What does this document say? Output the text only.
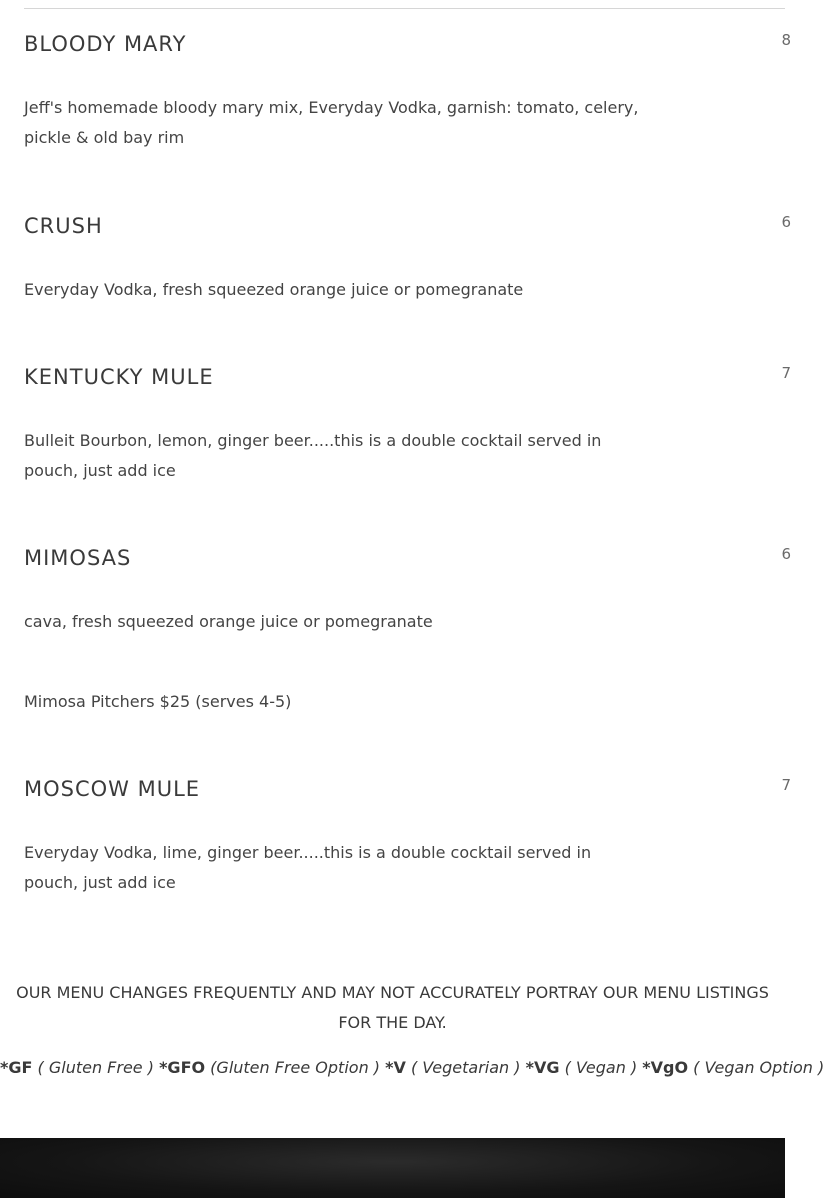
BLOODY MARY	8

Jeff's homemade bloody mary mix, Everyday Vodka, garnish: tomato, celery, pickle & old bay rim

CRUSH	6

Everyday Vodka, fresh squeezed orange juice or pomegranate

KENTUCKY MULE	7

Bulleit Bourbon, lemon, ginger beer.....this is a double cocktail served in pouch, just add ice

MIMOSAS	6

cava, fresh squeezed orange juice or pomegranate

Mimosa Pitchers $25 (serves 4-5)

MOSCOW MULE	7

Everyday Vodka, lime, ginger beer.....this is a double cocktail served in pouch, just add ice

OUR MENU CHANGES FREQUENTLY AND MAY NOT ACCURATELY PORTRAY OUR MENU LISTINGS FOR THE DAY.
*GF ( Gluten Free ) *GFO (Gluten Free Option ) *V ( Vegetarian ) *VG ( Vegan ) *VgO ( Vegan Option )
